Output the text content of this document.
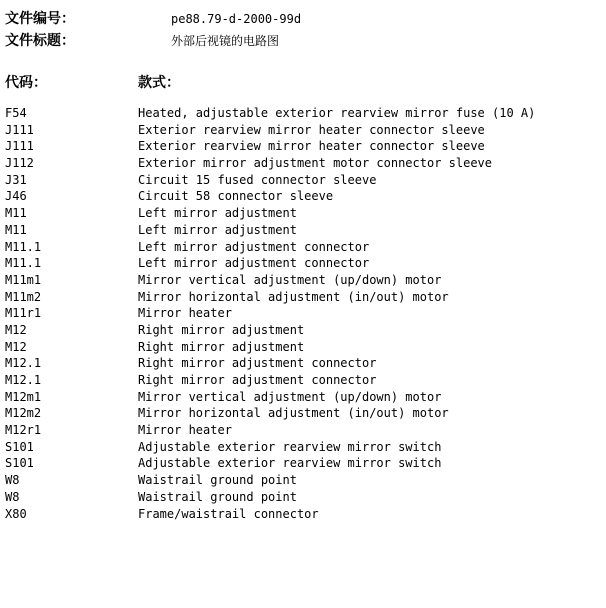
文件编号：	pe88.79-d-2000-99d
文件标题：	外部后视镜的电路图
代码：	款式：
F54	Heated, adjustable exterior rearview mirror fuse (10 A)
J111	Exterior rearview mirror heater connector sleeve
J111	Exterior rearview mirror heater connector sleeve
J112	Exterior mirror adjustment motor connector sleeve
J31	Circuit 15 fused connector sleeve
J46	Circuit 58 connector sleeve
M11	Left mirror adjustment
M11	Left mirror adjustment
M11.1	Left mirror adjustment connector
M11.1	Left mirror adjustment connector
M11m1	Mirror vertical adjustment (up/down) motor
M11m2	Mirror horizontal adjustment (in/out) motor
M11r1	Mirror heater
M12	Right mirror adjustment
M12	Right mirror adjustment
M12.1	Right mirror adjustment connector
M12.1	Right mirror adjustment connector
M12m1	Mirror vertical adjustment (up/down) motor
M12m2	Mirror horizontal adjustment (in/out) motor
M12r1	Mirror heater
S101	Adjustable exterior rearview mirror switch
S101	Adjustable exterior rearview mirror switch
W8	Waistrail ground point
W8	Waistrail ground point
X80	Frame/waistrail connector
